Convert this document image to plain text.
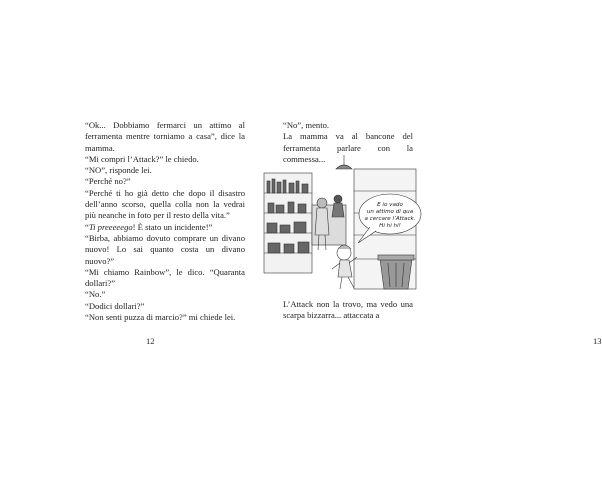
“Ok... Dobbiamo fermarci un attimo al ferramenta mentre torniamo a casa”, dice la mamma.

“Mi compri l’Attack?” le chiedo.

“NO”, risponde lei.

“Perché no?”

“Perché ti ho già detto che dopo il disastro dell’anno scorso, quella colla non la vedrai più neanche in foto per il resto della vita.”

“Ti preeeeego! È stato un incidente!”

“Birba, abbiamo dovuto comprare un divano nuovo! Lo sai quanto costa un divano nuovo?”

“Mi chiamo Rainbow”, le dico. “Quaranta dollari?”

“No.”

“Dodici dollari?”

“Non senti puzza di marcio?” mi chiede lei.

12	13

“No”, mento.

La mamma va al bancone del ferramenta parlare con la commessa...

E io vado
un attimo di qua
a cercare l’Attack.
Hi hi hi!

L’Attack non la trovo, ma vedo una scarpa bizzarra... attaccata a
